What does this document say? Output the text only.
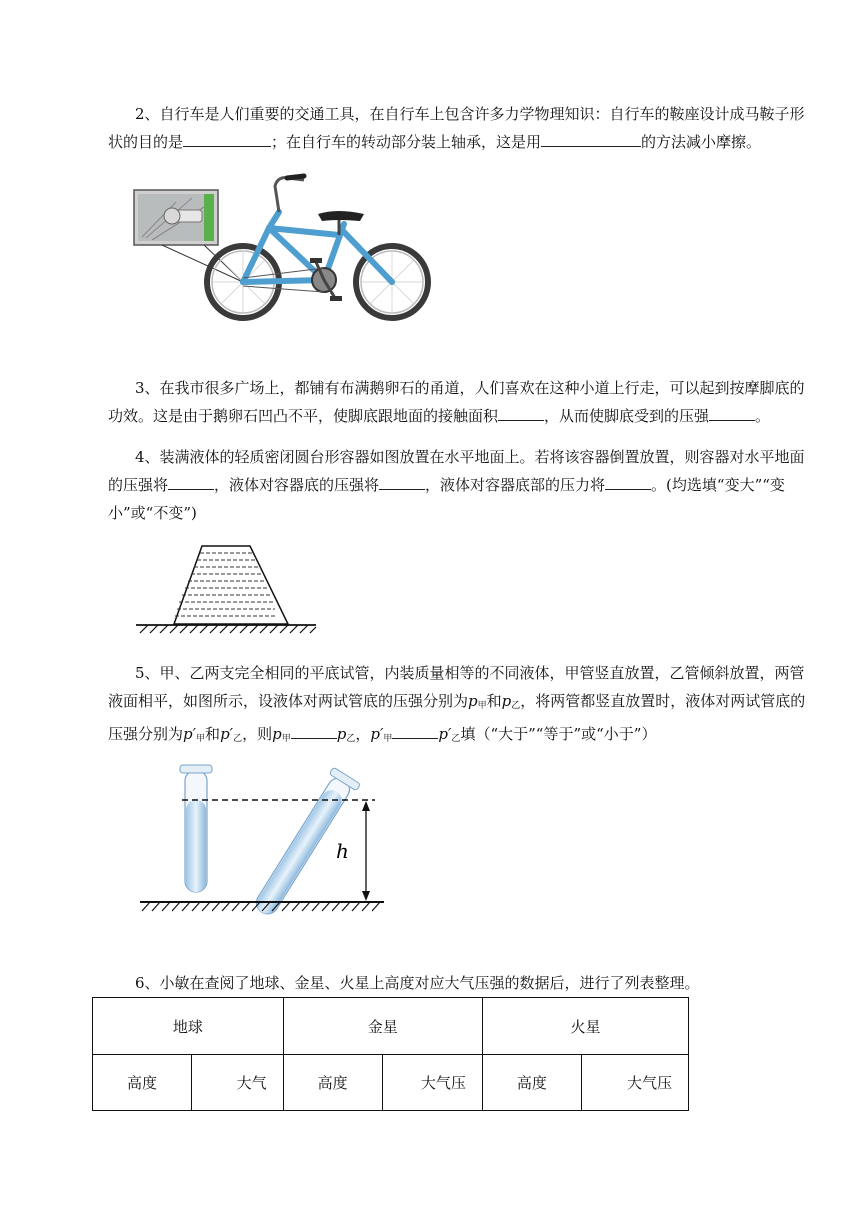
2、自行车是人们重要的交通工具，在自行车上包含许多力学物理知识：自行车的鞍座设计成马鞍子形状的目的是	；在自行车的转动部分装上轴承，这是用	的方法减小摩擦。

3、在我市很多广场上，都铺有布满鹅卵石的甬道，人们喜欢在这种小道上行走，可以起到按摩脚底的功效。这是由于鹅卵石凹凸不平，使脚底跟地面的接触面积	，从而使脚底受到的压强	。

4、装满液体的轻质密闭圆台形容器如图放置在水平地面上。若将该容器倒置放置，则容器对水平地面的压强将	，液体对容器底的压强将	，液体对容器底部的压力将	。(均选填“变大”“变小”或“不变”)

5、甲、乙两支完全相同的平底试管，内装质量相等的不同液体，甲管竖直放置，乙管倾斜放置，两管液面相平，如图所示，设液体对两试管底的压强分别为$p_甲$和$p_乙$，将两管都竖直放置时，液体对两试管底的压强分别为$p'_甲$和$p'_乙$，则$p_甲$	$p_乙$，$p'_甲$	$p'_乙$填（“大于”“等于”或“小于”）

h

6、小敏在查阅了地球、金星、火星上高度对应大气压强的数据后，进行了列表整理。

地球		金星		火星	
高度	大气	高度	大气压	高度	大气压
